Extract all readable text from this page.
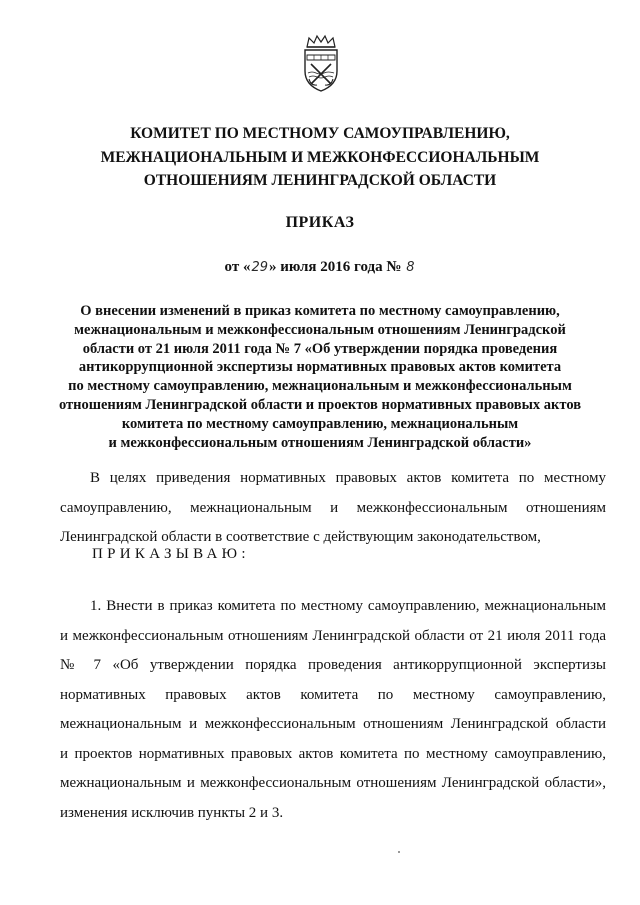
КОМИТЕТ ПО МЕСТНОМУ САМОУПРАВЛЕНИЮ,
МЕЖНАЦИОНАЛЬНЫМ И МЕЖКОНФЕССИОНАЛЬНЫМ
ОТНОШЕНИЯМ ЛЕНИНГРАДСКОЙ ОБЛАСТИ
ПРИКАЗ
от «29» июля 2016 года № 8
О внесении изменений в приказ комитета по местному самоуправлению,
межнациональным и межконфессиональным отношениям Ленинградской
области от 21 июля 2011 года № 7 «Об утверждении порядка проведения
антикоррупционной экспертизы нормативных правовых актов комитета
по местному самоуправлению, межнациональным и межконфессиональным
отношениям Ленинградской области и проектов нормативных правовых актов
комитета по местному самоуправлению, межнациональным
и межконфессиональным отношениям Ленинградской области»
В целях приведения нормативных правовых актов комитета по местному
самоуправлению, межнациональным и межконфессиональным отношениям
Ленинградской области в соответствие с действующим законодательством,
ПРИКАЗЫВАЮ:
1. Внести в приказ комитета по местному самоуправлению, межнациональным
и межконфессиональным отношениям Ленинградской области от 21 июля 2011 года
№ 7 «Об утверждении порядка проведения антикоррупционной экспертизы
нормативных правовых актов комитета по местному самоуправлению,
межнациональным и межконфессиональным отношениям Ленинградской области
и проектов нормативных правовых актов комитета по местному самоуправлению,
межнациональным и межконфессиональным отношениям Ленинградской области»,
изменения исключив пункты 2 и 3.
